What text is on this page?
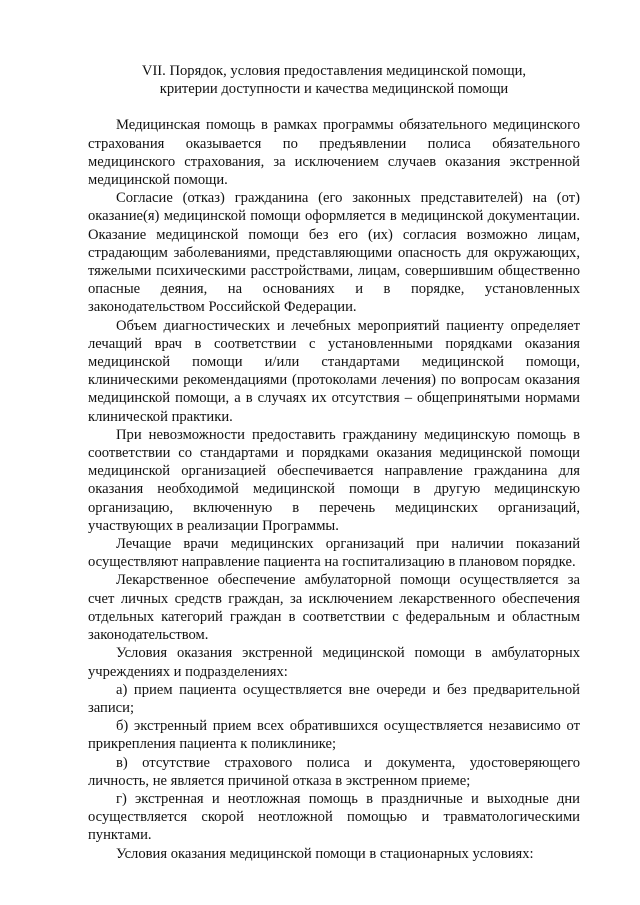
VII. Порядок, условия предоставления медицинской помощи,
критерии доступности и качества медицинской помощи

Медицинская помощь в рамках программы обязательного медицинского страхования оказывается по предъявлении полиса обязательного медицинского страхования, за исключением случаев оказания экстренной медицинской помощи.

Согласие (отказ) гражданина (его законных представителей) на (от) оказание(я) медицинской помощи оформляется в медицинской документации. Оказание медицинской помощи без его (их) согласия возможно лицам, страдающим заболеваниями, представляющими опасность для окружающих, тяжелыми психическими расстройствами, лицам, совершившим общественно опасные деяния, на основаниях и в порядке, установленных законодательством Российской Федерации.

Объем диагностических и лечебных мероприятий пациенту определяет лечащий врач в соответствии с установленными порядками оказания медицинской помощи и/или стандартами медицинской помощи, клиническими рекомендациями (протоколами лечения) по вопросам оказания медицинской помощи, а в случаях их отсутствия – общепринятыми нормами клинической практики.

При невозможности предоставить гражданину медицинскую помощь в соответствии со стандартами и порядками оказания медицинской помощи медицинской организацией обеспечивается направление гражданина для оказания необходимой медицинской помощи в другую медицинскую организацию, включенную в перечень медицинских организаций, участвующих в реализации Программы.

Лечащие врачи медицинских организаций при наличии показаний осуществляют направление пациента на госпитализацию в плановом порядке.

Лекарственное обеспечение амбулаторной помощи осуществляется за счет личных средств граждан, за исключением лекарственного обеспечения отдельных категорий граждан в соответствии с федеральным и областным законодательством.

Условия оказания экстренной медицинской помощи в амбулаторных учреждениях и подразделениях:

а) прием пациента осуществляется вне очереди и без предварительной записи;

б) экстренный прием всех обратившихся осуществляется независимо от прикрепления пациента к поликлинике;

в) отсутствие страхового полиса и документа, удостоверяющего личность, не является причиной отказа в экстренном приеме;

г) экстренная и неотложная помощь в праздничные и выходные дни осуществляется скорой неотложной помощью и травматологическими пунктами.

Условия оказания медицинской помощи в стационарных условиях:
